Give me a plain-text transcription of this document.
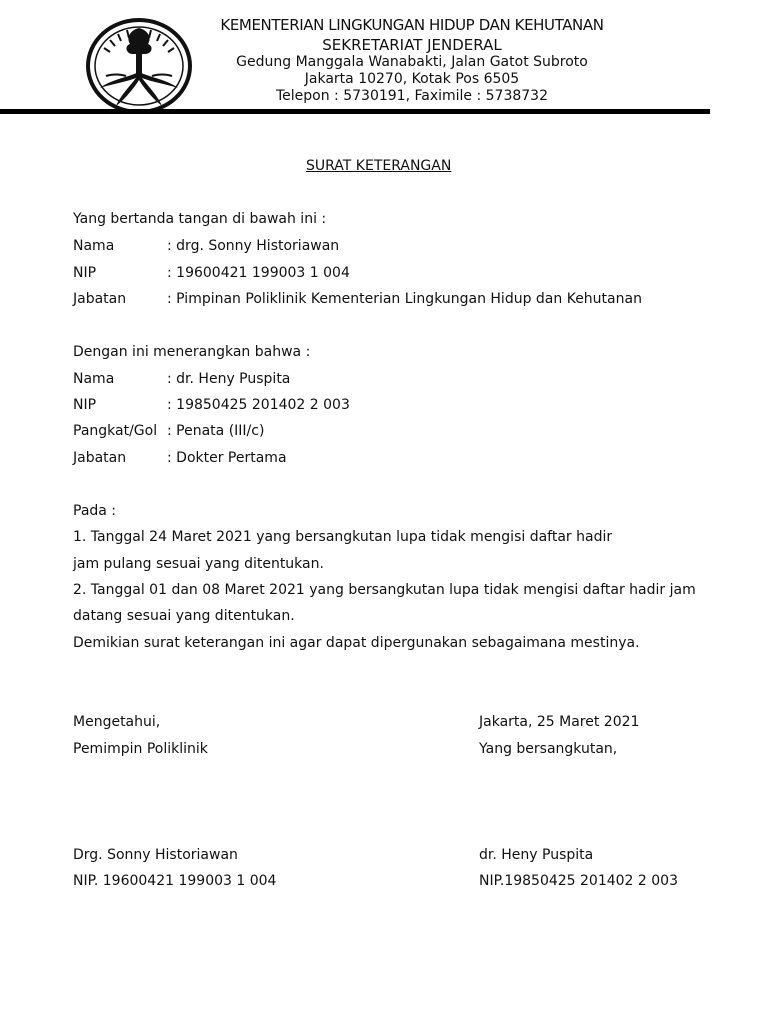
KEMENTERIAN LINGKUNGAN HIDUP DAN KEHUTANAN
SEKRETARIAT JENDERAL
Gedung Manggala Wanabakti, Jalan Gatot Subroto
Jakarta 10270, Kotak Pos 6505
Telepon : 5730191, Faximile : 5738732
SURAT KETERANGAN
Yang bertanda tangan di bawah ini :
Nama	: drg. Sonny Historiawan
NIP	: 19600421 199003 1 004
Jabatan	: Pimpinan Poliklinik Kementerian Lingkungan Hidup dan Kehutanan
Dengan ini menerangkan bahwa :
Nama	: dr. Heny Puspita
NIP	: 19850425 201402 2 003
Pangkat/Gol : Penata (III/c)
Jabatan	: Dokter Pertama
Pada :
1. Tanggal 24 Maret 2021 yang bersangkutan lupa tidak mengisi daftar hadir
jam pulang sesuai yang ditentukan.
2. Tanggal 01 dan 08 Maret 2021 yang bersangkutan lupa tidak mengisi daftar hadir jam
datang sesuai yang ditentukan.
Demikian surat keterangan ini agar dapat dipergunakan sebagaimana mestinya.
Mengetahui,
Pemimpin Poliklinik
Drg. Sonny Historiawan
NIP. 19600421 199003 1 004
Jakarta, 25 Maret 2021
Yang bersangkutan,
dr. Heny Puspita
NIP.19850425 201402 2 003
